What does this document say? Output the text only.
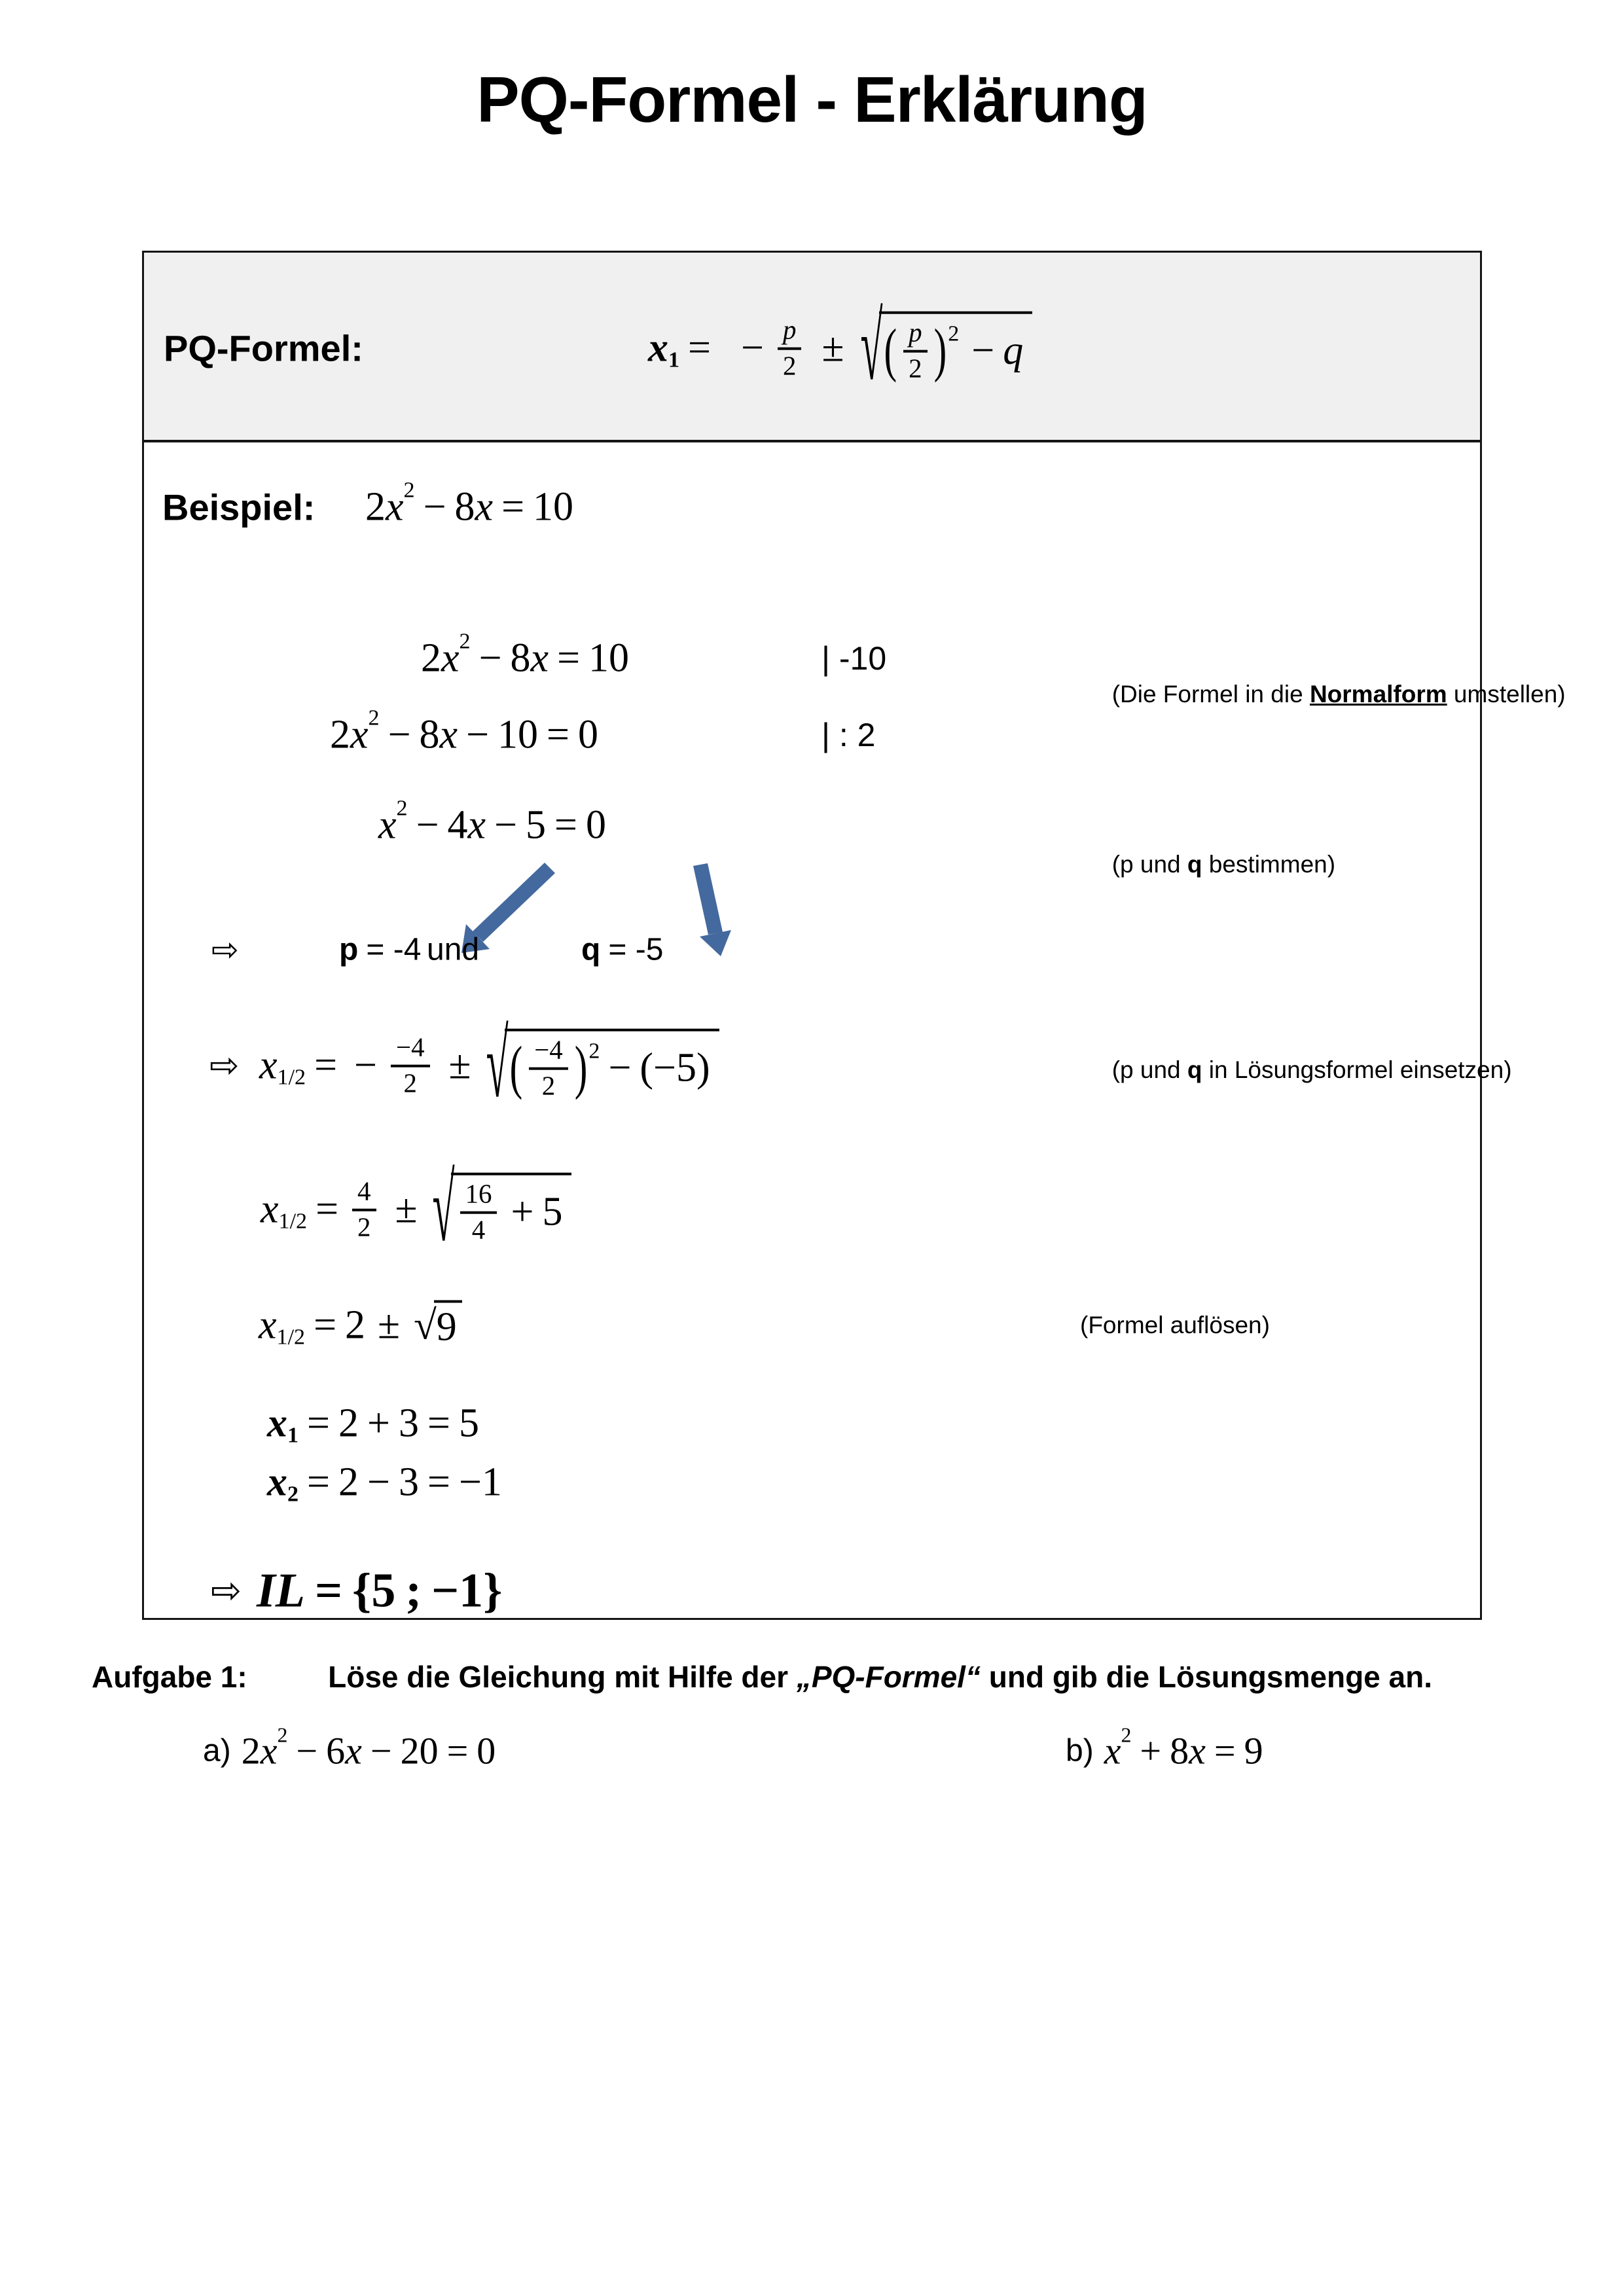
PQ-Formel - Erklärung
PQ-Formel:	x 1 = − $\frac{p}{2}$ ± √ ( p
2 ) 2 − q
Beispiel: 2 x 2 − 8 x = 10
2 x 2 − 8 x = 10	| -10

(Die Formel in die Normalform umstellen)

2 x 2 − 8 x − 10 = 0	| : 2
x 2 − 4 x − 5 = 0

(p und q bestimmen)

⇨	p = -4
und	q = -5

⇨ x 1/2 = − $\frac{-4}{2}$ ± √ ( −4
2 ) 2 − (−5)	(p und q in Lösungsformel einsetzen)

x $1/2 = \frac{4}{2}$ ± √ 16
4 + 5
x 1/2 = 2 ± √ 9	(Formel auflösen)
x 1 = 2 + 3 = 5
x 2 = 2 − 3 = −1
⇨ IL = { 5 ; −1 }
Aufgabe 1:	Löse die Gleichung mit Hilfe der „PQ-Formel“ und gib die Lösungsmenge an.

a) 2 x 2 − 6 x − 20 = 0	b) x 2 + 8 x = 9
